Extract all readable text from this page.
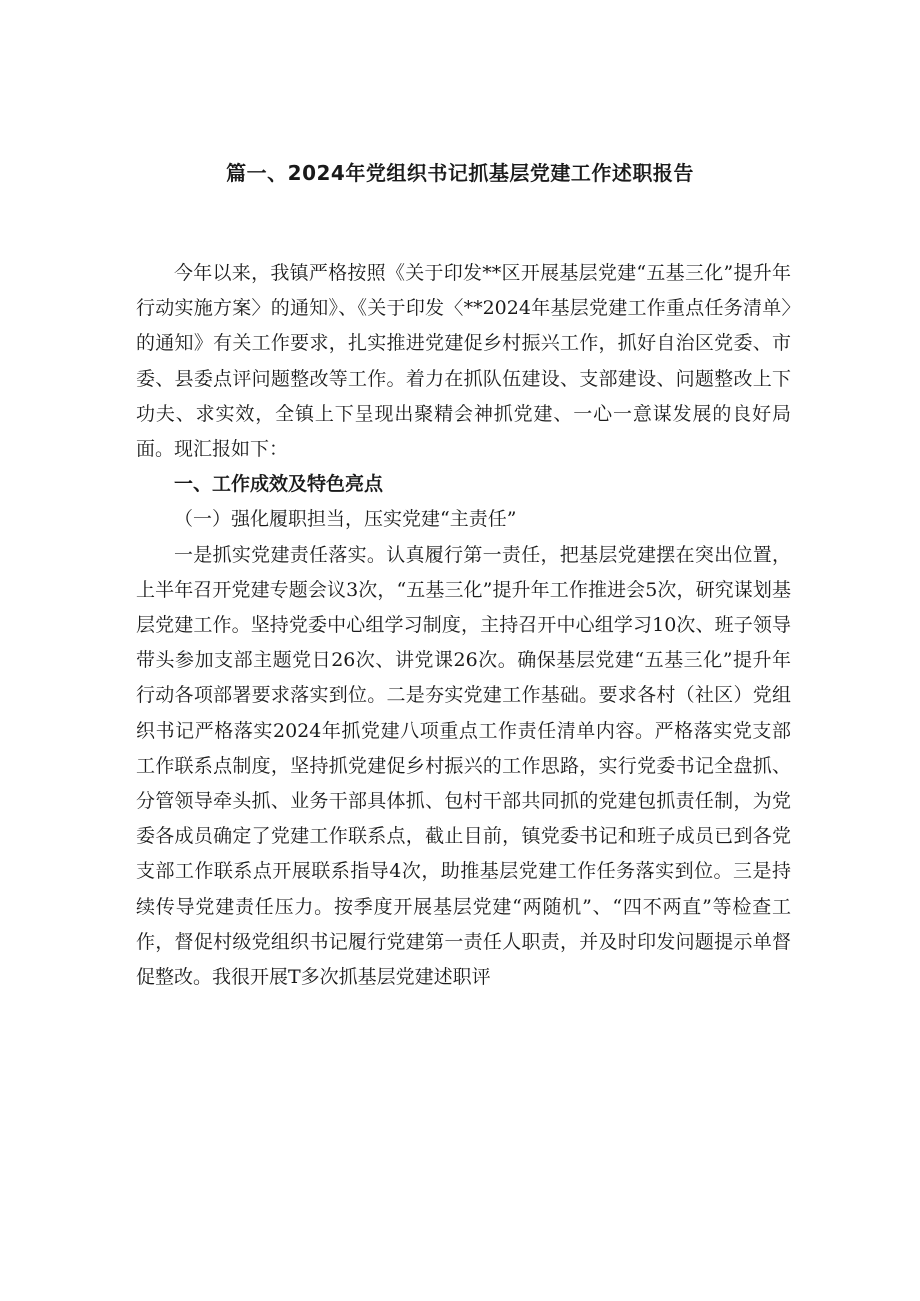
篇一、2024年党组织书记抓基层党建工作述职报告

今年以来，我镇严格按照《关于印发**区开展基层党建“五基三化”提升年行动实施方案〉的通知》、《关于印发〈**2024年基层党建工作重点任务清单〉的通知》有关工作要求，扎实推进党建促乡村振兴工作，抓好自治区党委、市委、县委点评问题整改等工作。着力在抓队伍建设、支部建设、问题整改上下功夫、求实效，全镇上下呈现出聚精会神抓党建、一心一意谋发展的良好局面。现汇报如下：

一、工作成效及特色亮点

（一）强化履职担当，压实党建“主责任”

一是抓实党建责任落实。认真履行第一责任，把基层党建摆在突出位置，上半年召开党建专题会议3次，“五基三化”提升年工作推进会5次，研究谋划基层党建工作。坚持党委中心组学习制度，主持召开中心组学习10次、班子领导带头参加支部主题党日26次、讲党课26次。确保基层党建“五基三化”提升年行动各项部署要求落实到位。二是夯实党建工作基础。要求各村（社区）党组织书记严格落实2024年抓党建八项重点工作责任清单内容。严格落实党支部工作联系点制度，坚持抓党建促乡村振兴的工作思路，实行党委书记全盘抓、分管领导牵头抓、业务干部具体抓、包村干部共同抓的党建包抓责任制，为党委各成员确定了党建工作联系点，截止目前，镇党委书记和班子成员已到各党支部工作联系点开展联系指导4次，助推基层党建工作任务落实到位。三是持续传导党建责任压力。按季度开展基层党建“两随机”、“四不两直”等检查工作，督促村级党组织书记履行党建第一责任人职责，并及时印发问题提示单督促整改。我很开展T多次抓基层党建述职评
